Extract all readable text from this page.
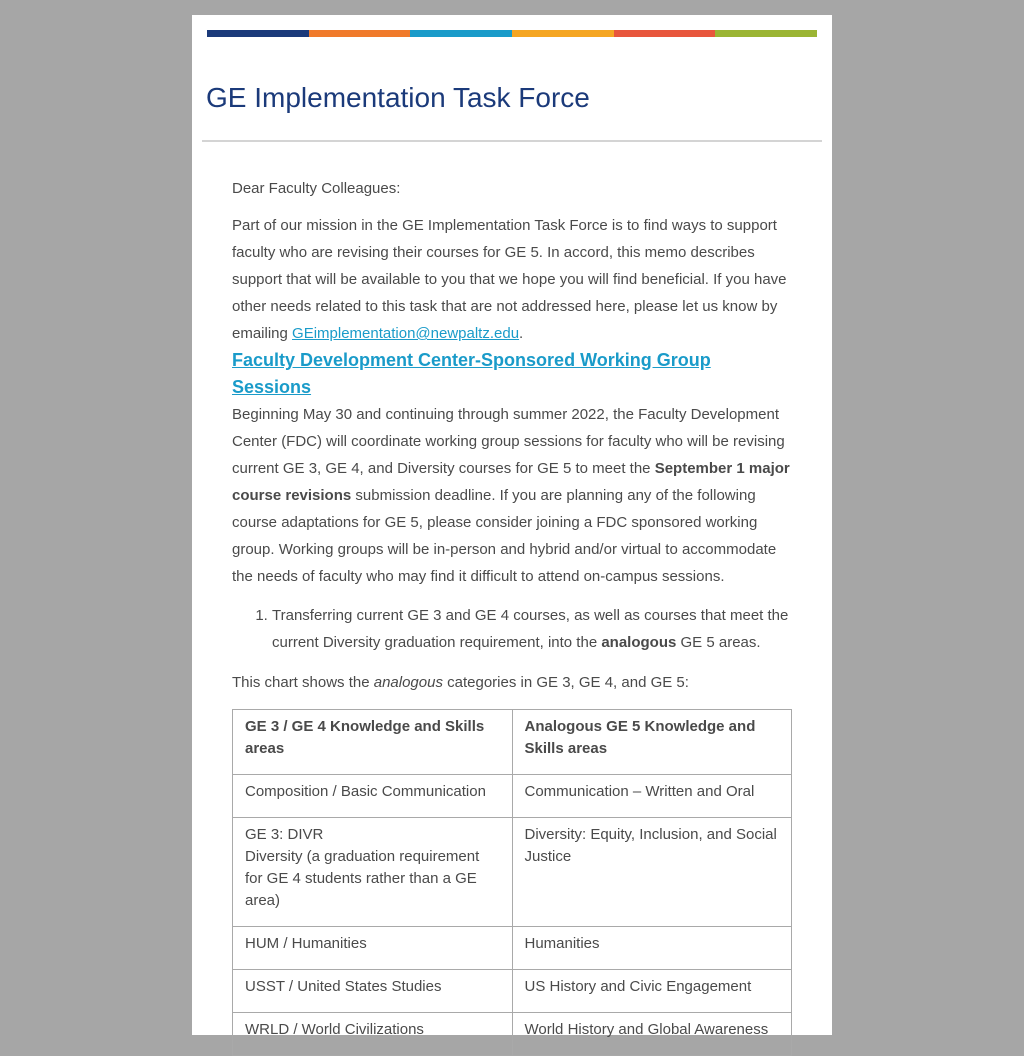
GE Implementation Task Force

Dear Faculty Colleagues:

Part of our mission in the GE Implementation Task Force is to find ways to support faculty who are revising their courses for GE 5. In accord, this memo describes support that will be available to you that we hope you will find beneficial. If you have other needs related to this task that are not addressed here, please let us know by emailing GEimplementation@newpaltz.edu.

Faculty Development Center-Sponsored Working Group Sessions

Beginning May 30 and continuing through summer 2022, the Faculty Development Center (FDC) will coordinate working group sessions for faculty who will be revising current GE 3, GE 4, and Diversity courses for GE 5 to meet the September 1 major course revisions submission deadline. If you are planning any of the following course adaptations for GE 5, please consider joining a FDC sponsored working group. Working groups will be in-person and hybrid and/or virtual to accommodate the needs of faculty who may find it difficult to attend on-campus sessions.

1. Transferring current GE 3 and GE 4 courses, as well as courses that meet the current Diversity graduation requirement, into the analogous GE 5 areas.

This chart shows the analogous categories in GE 3, GE 4, and GE 5:

GE 3 / GE 4 Knowledge and Skills areas	Analogous GE 5 Knowledge and Skills areas
Composition / Basic Communication	Communication – Written and Oral

GE 3: DIVR
Diversity (a graduation requirement for GE 4 students rather than a GE area)	Diversity: Equity, Inclusion, and Social Justice
HUM / Humanities	Humanities
USST / United States Studies	US History and Civic Engagement
WRLD / World Civilizations	World History and Global Awareness
